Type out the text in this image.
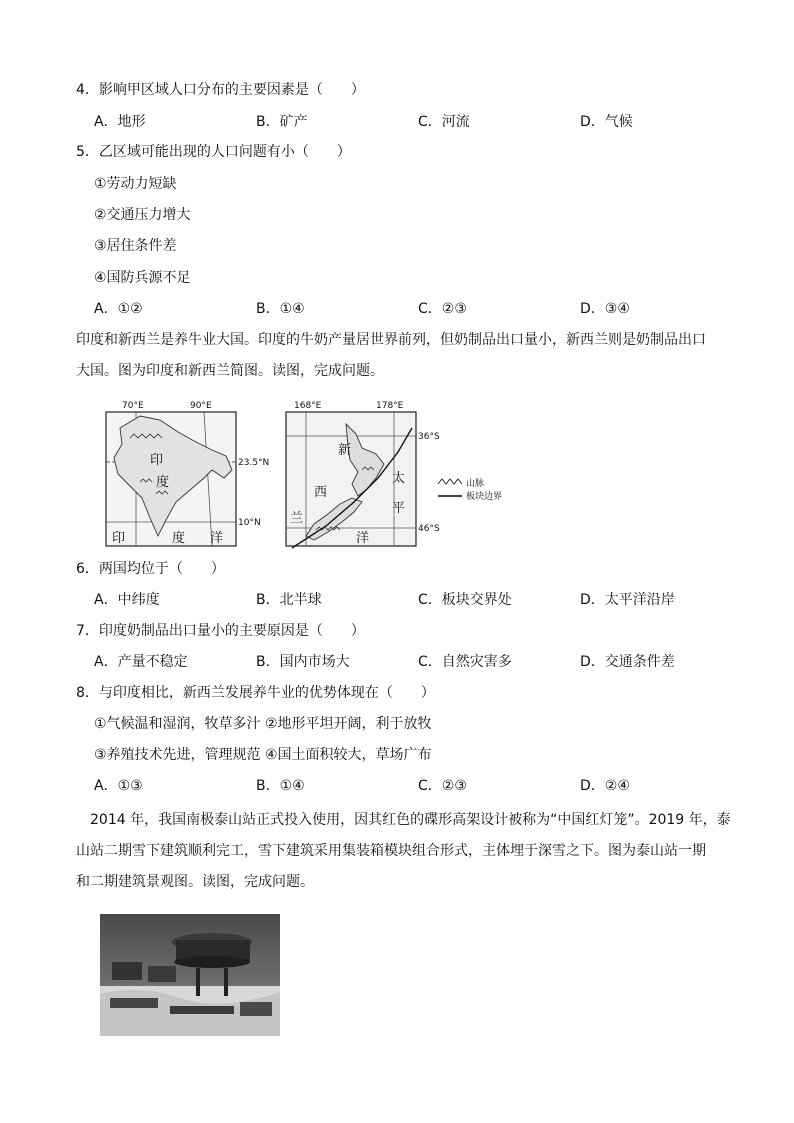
4．影响甲区域人口分布的主要因素是（　　）
A．地形	B．矿产	C．河流	D．气候
5．乙区域可能出现的人口问题有小（　　）
①劳动力短缺
②交通压力增大
③居住条件差
④国防兵源不足
A．①②	B．①④	C．②③	D．③④

印度和新西兰是养牛业大国。印度的牛奶产量居世界前列，但奶制品出口量小，新西兰则是奶制品出口

大国。图为印度和新西兰简图。读图，完成问题。

70°E	90°E
23.5°N
10°N
印
度
印	度 洋
168°E	178°E
36°S
46°S
新
西
兰
太
平
洋
山脉
板块边界
6．两国均位于（　　）
A．中纬度	B．北半球	C．板块交界处	D．太平洋沿岸
7．印度奶制品出口量小的主要原因是（　　）
A．产量不稳定	B．国内市场大	C．自然灾害多	D．交通条件差
8．与印度相比，新西兰发展养牛业的优势体现在（　　）
①气候温和湿润，牧草多汁 ②地形平坦开阔，利于放牧
③养殖技术先进，管理规范 ④国土面积较大，草场广布
A．①③	B．①④	C．②③	D．②④

2014 年，我国南极泰山站正式投入使用，因其红色的碟形高架设计被称为“中国红灯笼”。2019 年，泰

山站二期雪下建筑顺利完工，雪下建筑采用集装箱模块组合形式，主体埋于深雪之下。图为泰山站一期

和二期建筑景观图。读图，完成问题。
